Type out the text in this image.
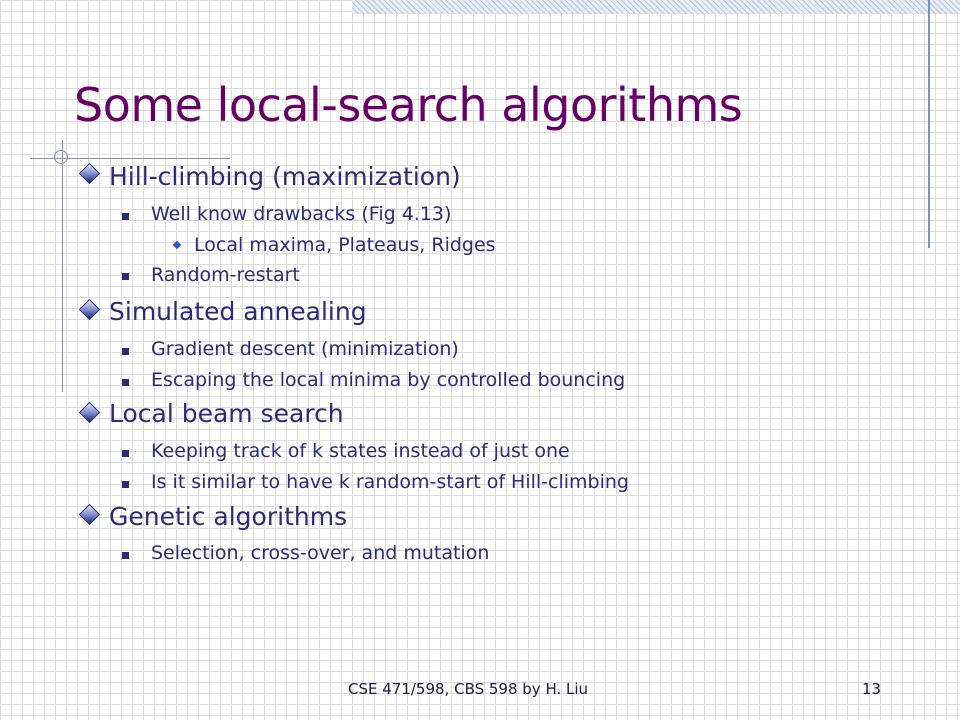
Some local-search algorithms
Hill-climbing (maximization)
Well know drawbacks (Fig 4.13)
Local maxima, Plateaus, Ridges
Random-restart
Simulated annealing
Gradient descent (minimization)
Escaping the local minima by controlled bouncing
Local beam search
Keeping track of k states instead of just one
Is it similar to have k random-start of Hill-climbing
Genetic algorithms
Selection, cross-over, and mutation
CSE 471/598, CBS 598 by H. Liu	13
